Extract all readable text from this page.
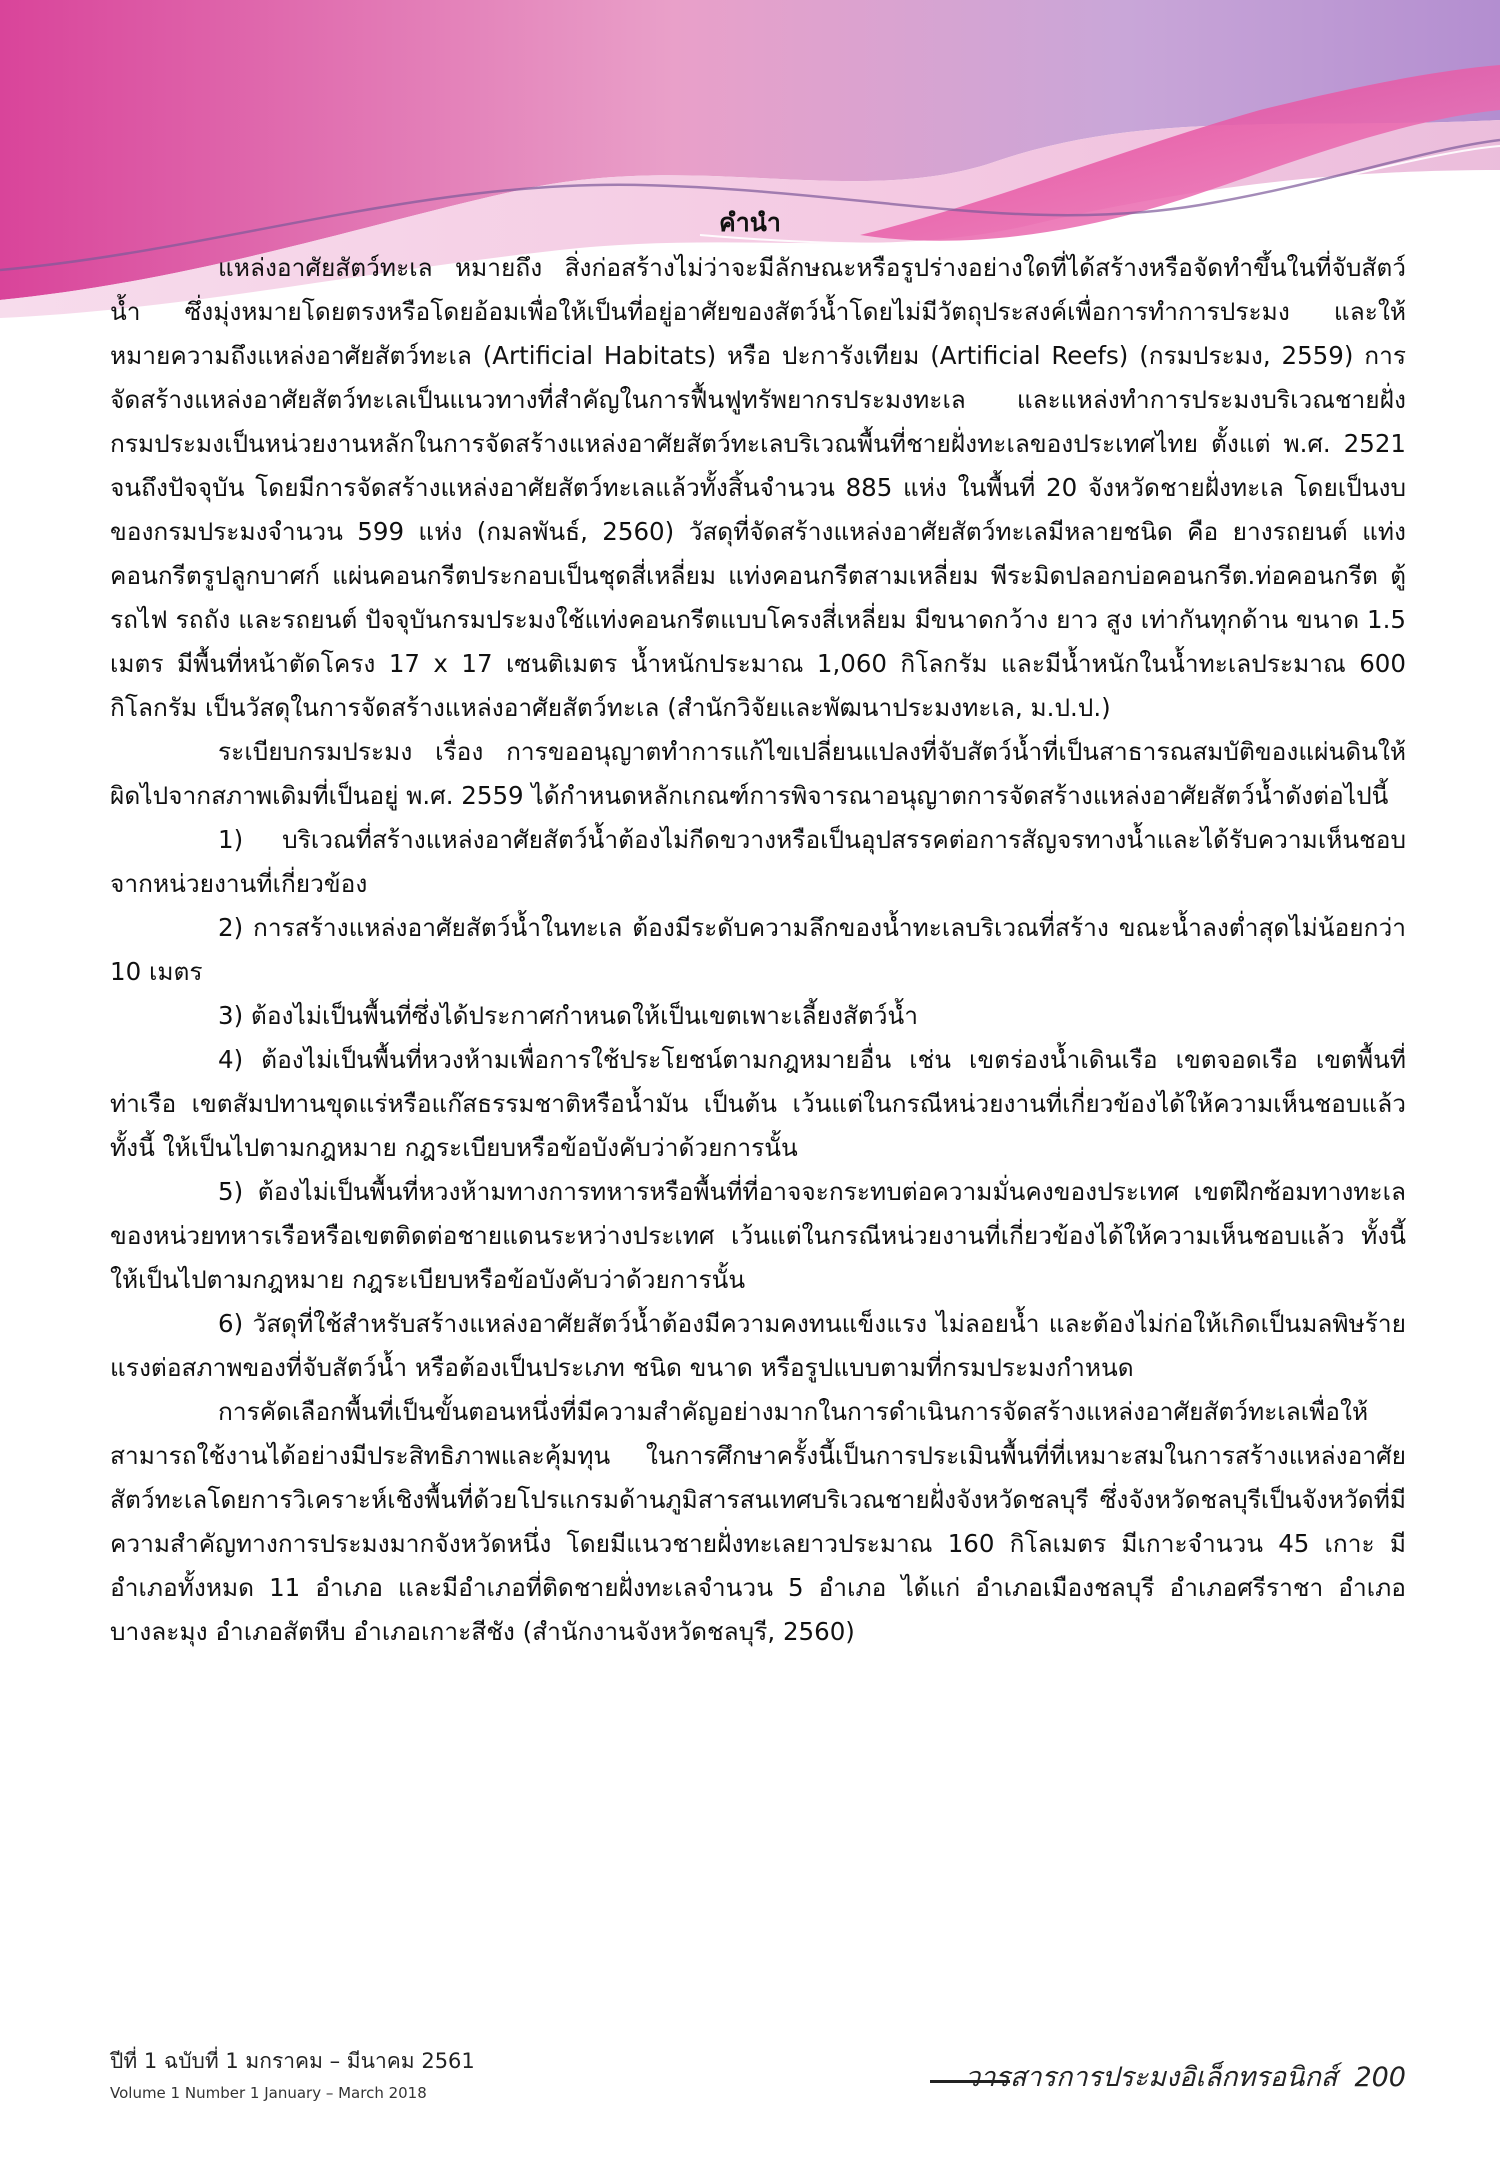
คำนำ

แหล่งอาศัยสัตว์ทะเล หมายถึง สิ่งก่อสร้างไม่ว่าจะมีลักษณะหรือรูปร่างอย่างใดที่ได้สร้างหรือจัดทำขึ้นในที่จับสัตว์น้ำ ซึ่งมุ่งหมายโดยตรงหรือโดยอ้อมเพื่อให้เป็นที่อยู่อาศัยของสัตว์น้ำโดยไม่มีวัตถุประสงค์เพื่อการทำการประมง และให้หมายความถึงแหล่งอาศัยสัตว์ทะเล (Artificial Habitats) หรือ ปะการังเทียม (Artificial Reefs) (กรมประมง, 2559) การจัดสร้างแหล่งอาศัยสัตว์ทะเลเป็นแนวทางที่สำคัญในการฟื้นฟูทรัพยากรประมงทะเล และแหล่งทำการประมงบริเวณชายฝั่ง กรมประมงเป็นหน่วยงานหลักในการจัดสร้างแหล่งอาศัยสัตว์ทะเลบริเวณพื้นที่ชายฝั่งทะเลของประเทศไทย ตั้งแต่ พ.ศ. 2521 จนถึงปัจจุบัน โดยมีการจัดสร้างแหล่งอาศัยสัตว์ทะเลแล้วทั้งสิ้นจำนวน 885 แห่ง ในพื้นที่ 20 จังหวัดชายฝั่งทะเล โดยเป็นงบของกรมประมงจำนวน 599 แห่ง (กมลพันธ์, 2560) วัสดุที่จัดสร้างแหล่งอาศัยสัตว์ทะเลมีหลายชนิด คือ ยางรถยนต์ แท่งคอนกรีตรูปลูกบาศก์ แผ่นคอนกรีตประกอบเป็นชุดสี่เหลี่ยม แท่งคอนกรีตสามเหลี่ยม พีระมิดปลอกบ่อคอนกรีต.ท่อคอนกรีต ตู้รถไฟ รถถัง และรถยนต์ ปัจจุบันกรมประมงใช้แท่งคอนกรีตแบบโครงสี่เหลี่ยม มีขนาดกว้าง ยาว สูง เท่ากันทุกด้าน ขนาด 1.5 เมตร มีพื้นที่หน้าตัดโครง 17 x 17 เซนติเมตร น้ำหนักประมาณ 1,060 กิโลกรัม และมีน้ำหนักในน้ำทะเลประมาณ 600 กิโลกรัม เป็นวัสดุในการจัดสร้างแหล่งอาศัยสัตว์ทะเล (สำนักวิจัยและพัฒนาประมงทะเล, ม.ป.ป.)

ระเบียบกรมประมง เรื่อง การขออนุญาตทำการแก้ไขเปลี่ยนแปลงที่จับสัตว์น้ำที่เป็นสาธารณสมบัติของแผ่นดินให้ผิดไปจากสภาพเดิมที่เป็นอยู่ พ.ศ. 2559 ได้กำหนดหลักเกณฑ์การพิจารณาอนุญาตการจัดสร้างแหล่งอาศัยสัตว์น้ำดังต่อไปนี้

1) บริเวณที่สร้างแหล่งอาศัยสัตว์น้ำต้องไม่กีดขวางหรือเป็นอุปสรรคต่อการสัญจรทางน้ำและได้รับความเห็นชอบจากหน่วยงานที่เกี่ยวข้อง

2) การสร้างแหล่งอาศัยสัตว์น้ำในทะเล ต้องมีระดับความลึกของน้ำทะเลบริเวณที่สร้าง ขณะน้ำลงต่ำสุดไม่น้อยกว่า 10 เมตร

3) ต้องไม่เป็นพื้นที่ซึ่งได้ประกาศกำหนดให้เป็นเขตเพาะเลี้ยงสัตว์น้ำ

4) ต้องไม่เป็นพื้นที่หวงห้ามเพื่อการใช้ประโยชน์ตามกฎหมายอื่น เช่น เขตร่องน้ำเดินเรือ เขตจอดเรือ เขตพื้นที่ท่าเรือ เขตสัมปทานขุดแร่หรือแก๊สธรรมชาติหรือน้ำมัน เป็นต้น เว้นแต่ในกรณีหน่วยงานที่เกี่ยวข้องได้ให้ความเห็นชอบแล้ว ทั้งนี้ ให้เป็นไปตามกฎหมาย กฎระเบียบหรือข้อบังคับว่าด้วยการนั้น

5) ต้องไม่เป็นพื้นที่หวงห้ามทางการทหารหรือพื้นที่ที่อาจจะกระทบต่อความมั่นคงของประเทศ เขตฝึกซ้อมทางทะเลของหน่วยทหารเรือหรือเขตติดต่อชายแดนระหว่างประเทศ เว้นแต่ในกรณีหน่วยงานที่เกี่ยวข้องได้ให้ความเห็นชอบแล้ว ทั้งนี้ ให้เป็นไปตามกฎหมาย กฎระเบียบหรือข้อบังคับว่าด้วยการนั้น

6) วัสดุที่ใช้สำหรับสร้างแหล่งอาศัยสัตว์น้ำต้องมีความคงทนแข็งแรง ไม่ลอยน้ำ และต้องไม่ก่อให้เกิดเป็นมลพิษร้ายแรงต่อสภาพของที่จับสัตว์น้ำ หรือต้องเป็นประเภท ชนิด ขนาด หรือรูปแบบตามที่กรมประมงกำหนด

การคัดเลือกพื้นที่เป็นขั้นตอนหนึ่งที่มีความสำคัญอย่างมากในการดำเนินการจัดสร้างแหล่งอาศัยสัตว์ทะเลเพื่อให้สามารถใช้งานได้อย่างมีประสิทธิภาพและคุ้มทุน ในการศึกษาครั้งนี้เป็นการประเมินพื้นที่ที่เหมาะสมในการสร้างแหล่งอาศัยสัตว์ทะเลโดยการวิเคราะห์เชิงพื้นที่ด้วยโปรแกรมด้านภูมิสารสนเทศบริเวณชายฝั่งจังหวัดชลบุรี ซึ่งจังหวัดชลบุรีเป็นจังหวัดที่มีความสำคัญทางการประมงมากจังหวัดหนึ่ง โดยมีแนวชายฝั่งทะเลยาวประมาณ 160 กิโลเมตร มีเกาะจำนวน 45 เกาะ มีอำเภอทั้งหมด 11 อำเภอ และมีอำเภอที่ติดชายฝั่งทะเลจำนวน 5 อำเภอ ได้แก่ อำเภอเมืองชลบุรี อำเภอศรีราชา อำเภอบางละมุง อำเภอสัตหีบ อำเภอเกาะสีชัง (สำนักงานจังหวัดชลบุรี, 2560)

ปีที่ 1 ฉบับที่ 1 มกราคม – มีนาคม 2561
Volume 1 Number 1 January – March 2018	วารสารการประมงอิเล็กทรอนิกส์ 200
